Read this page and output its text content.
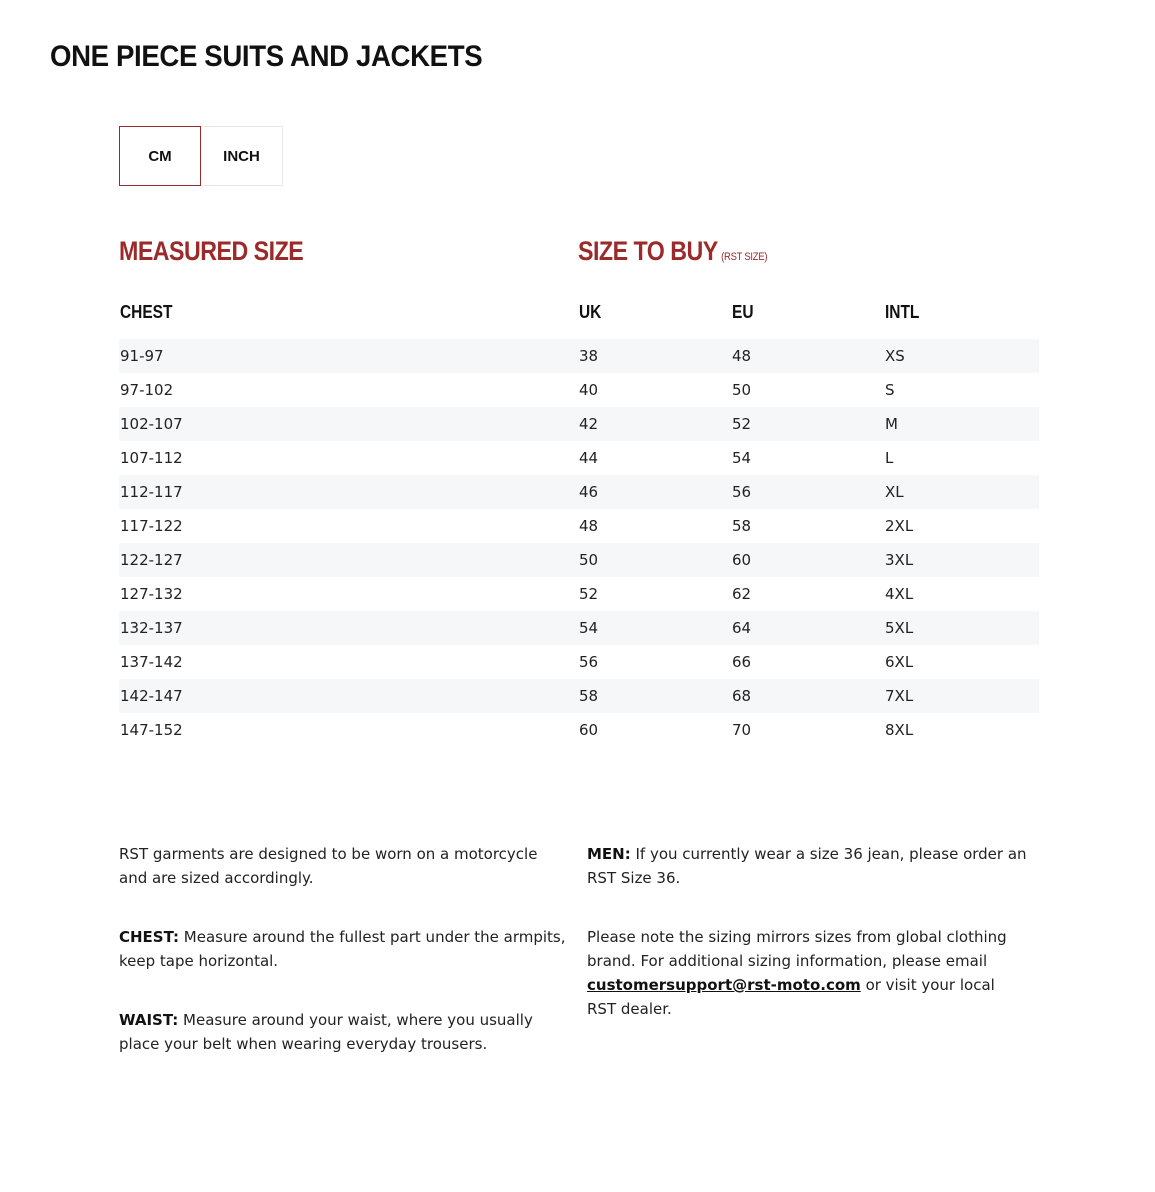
ONE PIECE SUITS AND JACKETS
CM	INCH
MEASURED SIZE	SIZE TO BUY (RST SIZE)
CHEST	UK	EU	INTL
91-97	38	48	XS
97-102	40	50	S
102-107	42	52	M
107-112	44	54	L
112-117	46	56	XL
117-122	48	58	2XL
122-127	50	60	3XL
127-132	52	62	4XL
132-137	54	64	5XL
137-142	56	66	6XL
142-147	58	68	7XL
147-152	60	70	8XL

RST garments are designed to be worn on a motorcycle and are sized accordingly.

CHEST: Measure around the fullest part under the armpits, keep tape horizontal.

WAIST: Measure around your waist, where you usually place your belt when wearing everyday trousers.

MEN: If you currently wear a size 36 jean, please order an RST Size 36.

Please note the sizing mirrors sizes from global clothing brand. For additional sizing information, please email customersupport@rst-moto.com or visit your local RST dealer.
